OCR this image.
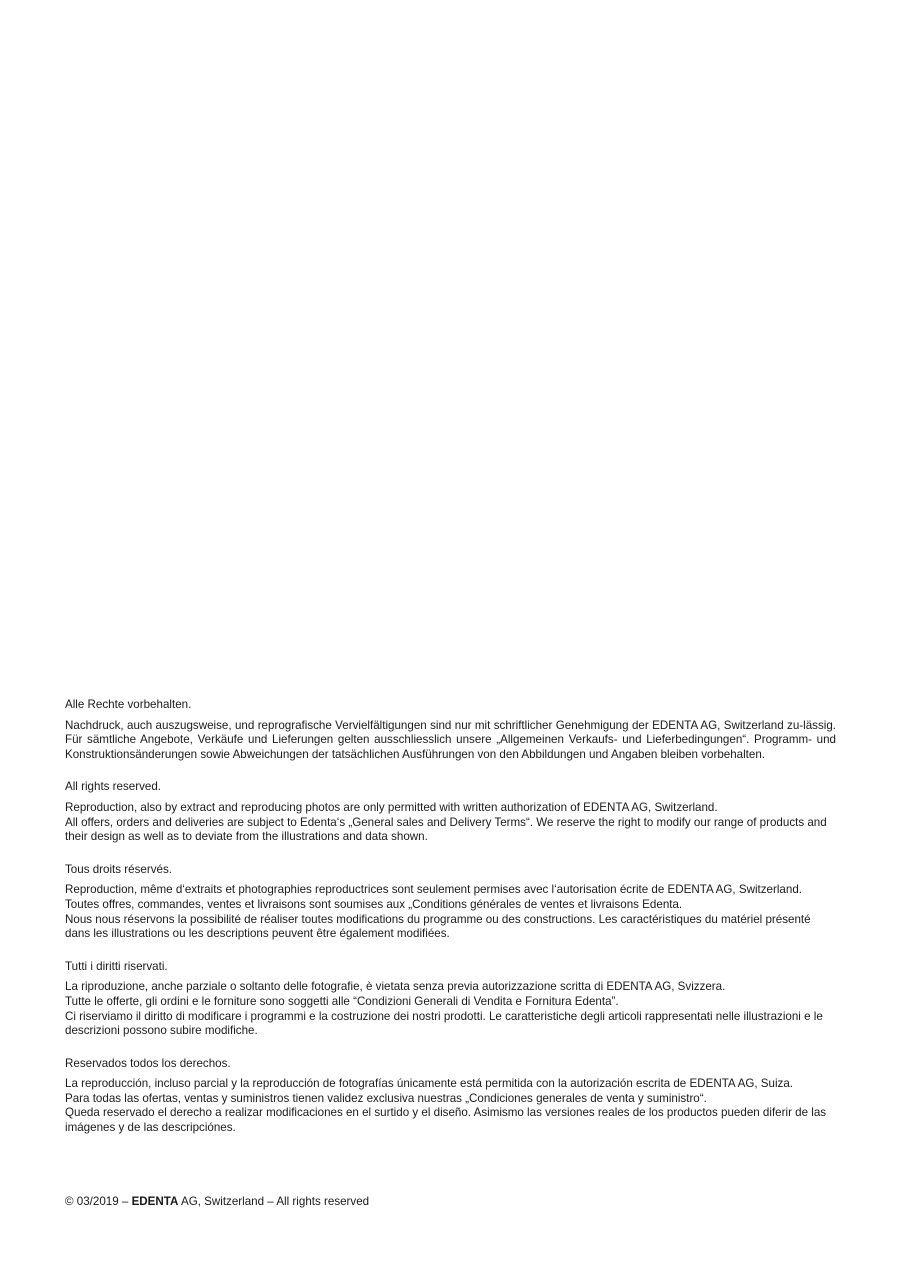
Alle Rechte vorbehalten.
Nachdruck, auch auszugsweise, und reprografische Vervielfältigungen sind nur mit schriftlicher Genehmigung der EDENTA AG, Switzerland zu-lässig. Für sämtliche Angebote, Verkäufe und Lieferungen gelten ausschliesslich unsere „Allgemeinen Verkaufs- und Lieferbedingungen“. Programm- und Konstruktionsänderungen sowie Abweichungen der tatsächlichen Ausführungen von den Abbildungen und Angaben bleiben vorbehalten.
All rights reserved.
Reproduction, also by extract and reproducing photos are only permitted with written authorization of EDENTA AG, Switzerland.
All offers, orders and deliveries are subject to Edenta‘s „General sales and Delivery Terms“. We reserve the right to modify our range of products and their design as well as to deviate from the illustrations and data shown.
Tous droits réservés.
Reproduction, même d‘extraits et photographies reproductrices sont seulement permises avec l‘autorisation écrite de EDENTA AG, Switzerland.
Toutes offres, commandes, ventes et livraisons sont soumises aux „Conditions générales de ventes et livraisons Edenta.
Nous nous réservons la possibilité de réaliser toutes modifications du programme ou des constructions. Les caractéristiques du matériel présenté dans les illustrations ou les descriptions peuvent être également modifiées.
Tutti i diritti riservati.
La riproduzione, anche parziale o soltanto delle fotografie, è vietata senza previa autorizzazione scritta di EDENTA AG, Svizzera.
Tutte le offerte, gli ordini e le forniture sono soggetti alle “Condizioni Generali di Vendita e Fornitura Edenta”.
Ci riserviamo il diritto di modificare i programmi e la costruzione dei nostri prodotti. Le caratteristiche degli articoli rappresentati nelle illustrazioni e le descrizioni possono subire modifiche.
Reservados todos los derechos.
La reproducción, incluso parcial y la reproducción de fotografías únicamente está permitida con la autorización escrita de EDENTA AG, Suiza.
Para todas las ofertas, ventas y suministros tienen validez exclusiva nuestras „Condiciones generales de venta y suministro“.
Queda reservado el derecho a realizar modificaciones en el surtido y el diseño. Asimismo las versiones reales de los productos pueden diferir de las imágenes y de las descripciónes.
© 03/2019 – EDENTA AG, Switzerland – All rights reserved
